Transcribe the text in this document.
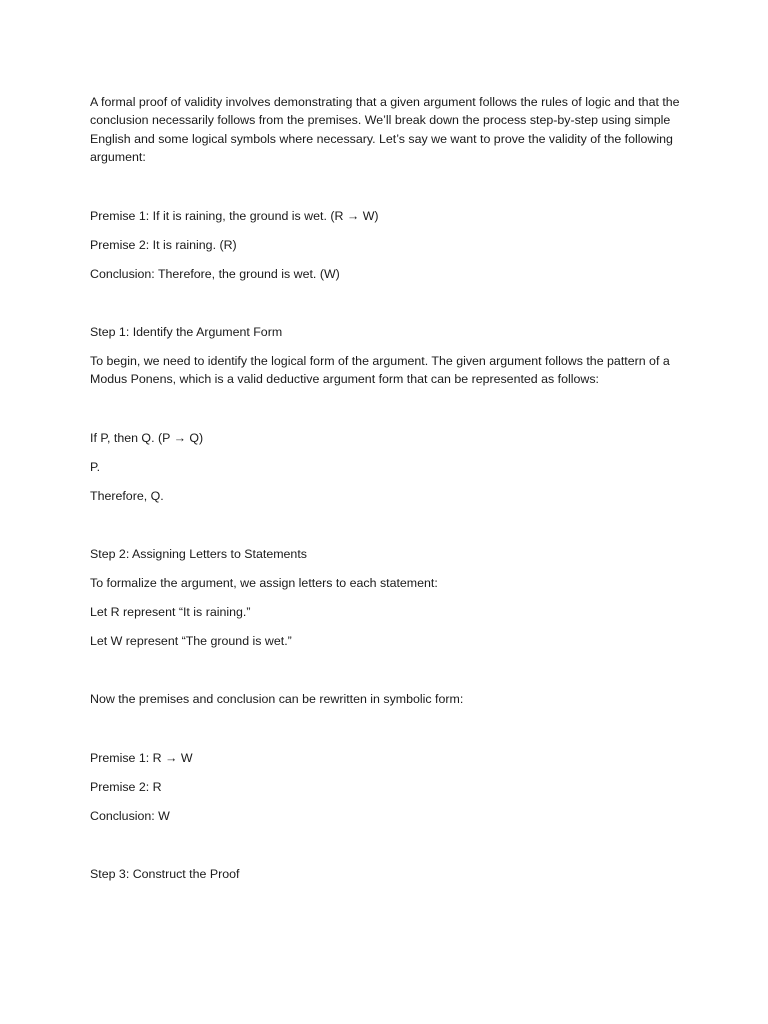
A formal proof of validity involves demonstrating that a given argument follows the rules of logic and that the conclusion necessarily follows from the premises. We’ll break down the process step-by-step using simple English and some logical symbols where necessary. Let’s say we want to prove the validity of the following argument:

Premise 1: If it is raining, the ground is wet. (R → W)

Premise 2: It is raining. (R)

Conclusion: Therefore, the ground is wet. (W)

Step 1: Identify the Argument Form

To begin, we need to identify the logical form of the argument. The given argument follows the pattern of a Modus Ponens, which is a valid deductive argument form that can be represented as follows:

If P, then Q. (P → Q)

P.

Therefore, Q.

Step 2: Assigning Letters to Statements

To formalize the argument, we assign letters to each statement:

Let R represent “It is raining.”

Let W represent “The ground is wet.”

Now the premises and conclusion can be rewritten in symbolic form:

Premise 1: R → W

Premise 2: R

Conclusion: W

Step 3: Construct the Proof
